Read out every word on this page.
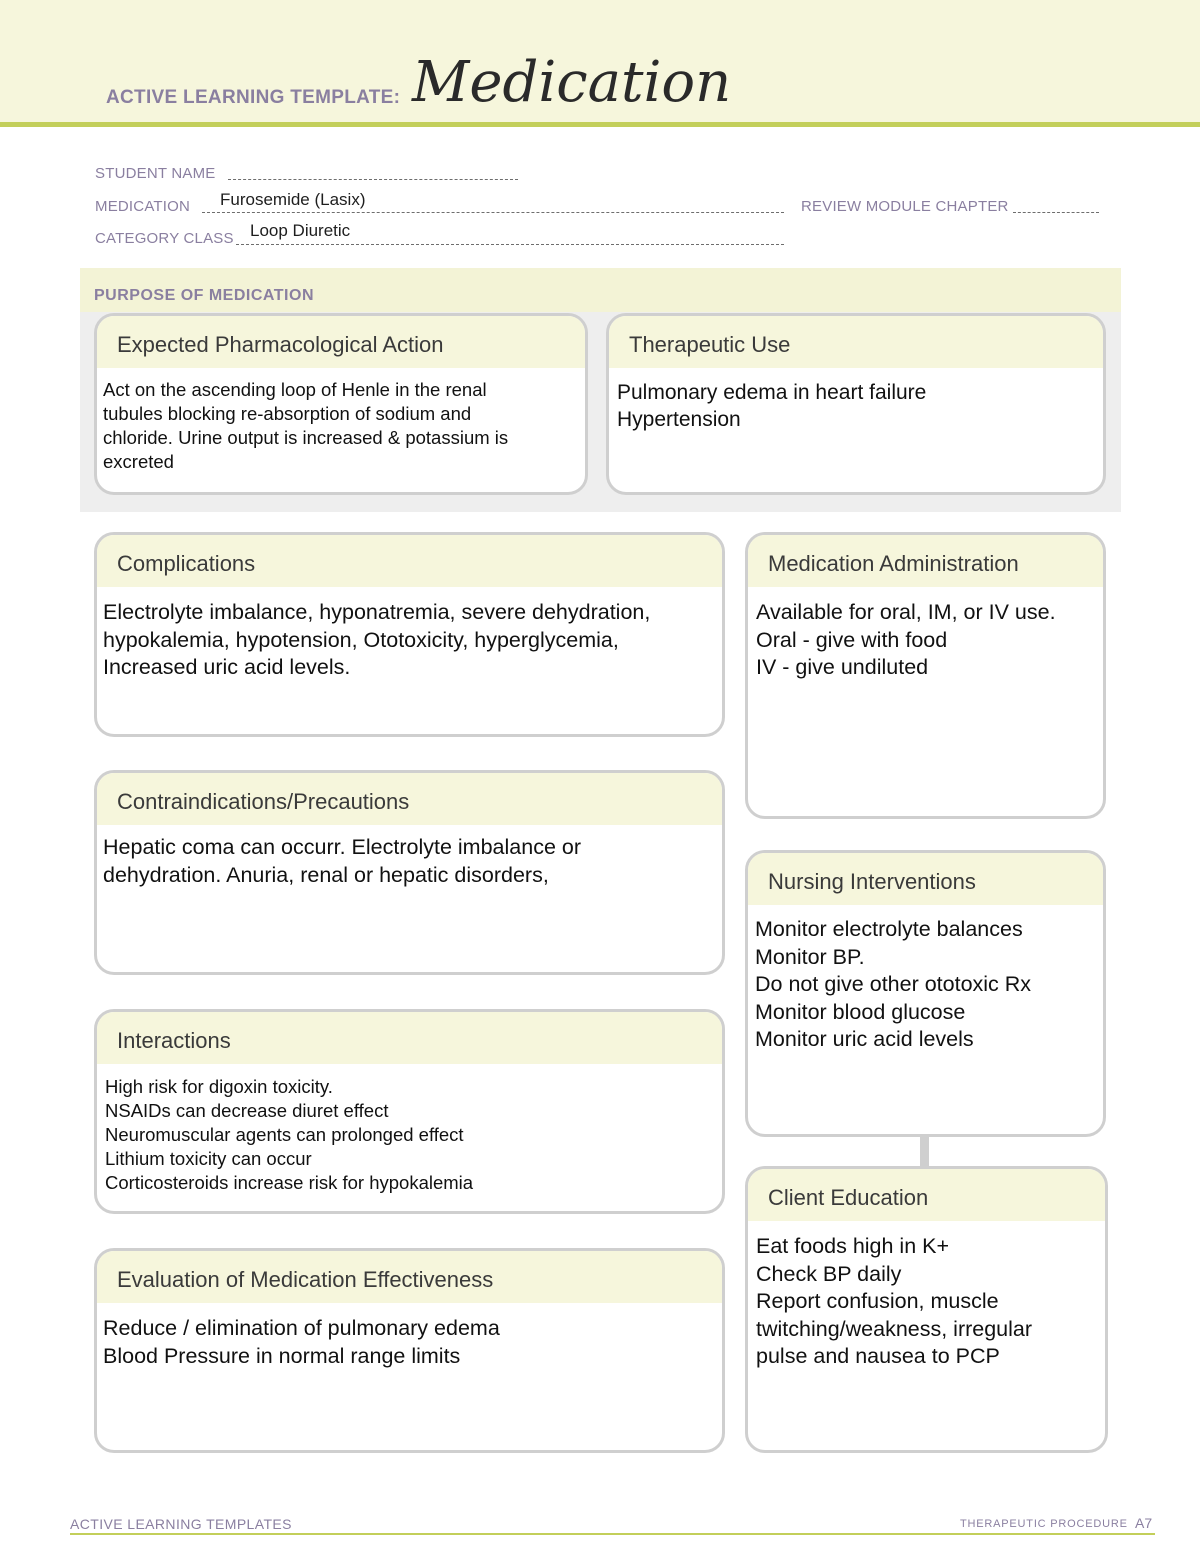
ACTIVE LEARNING TEMPLATE: Medication
STUDENT NAME
MEDICATION Furosemide (Lasix)	REVIEW MODULE CHAPTER
CATEGORY CLASS Loop Diuretic
PURPOSE OF MEDICATION
Expected Pharmacological Action
Act on the ascending loop of Henle in the renal
tubules blocking re-absorption of sodium and
chloride. Urine output is increased & potassium is
excreted
Therapeutic Use
Pulmonary edema in heart failure
Hypertension
Complications
Electrolyte imbalance, hyponatremia, severe dehydration,
hypokalemia, hypotension, Ototoxicity, hyperglycemia,
Increased uric acid levels.
Contraindications/Precautions
Hepatic coma can occurr. Electrolyte imbalance or
dehydration. Anuria, renal or hepatic disorders,
Interactions
High risk for digoxin toxicity.
NSAIDs can decrease diuret effect
Neuromuscular agents can prolonged effect
Lithium toxicity can occur
Corticosteroids increase risk for hypokalemia
Evaluation of Medication Effectiveness
Reduce / elimination of pulmonary edema
Blood Pressure in normal range limits
Medication Administration
Available for oral, IM, or IV use.
Oral - give with food
IV - give undiluted
Nursing Interventions
Monitor electrolyte balances
Monitor BP.
Do not give other ototoxic Rx
Monitor blood glucose
Monitor uric acid levels
Client Education
Eat foods high in K+
Check BP daily
Report confusion, muscle
twitching/weakness, irregular
pulse and nausea to PCP
ACTIVE LEARNING TEMPLATES	THERAPEUTIC PROCEDURE A7
